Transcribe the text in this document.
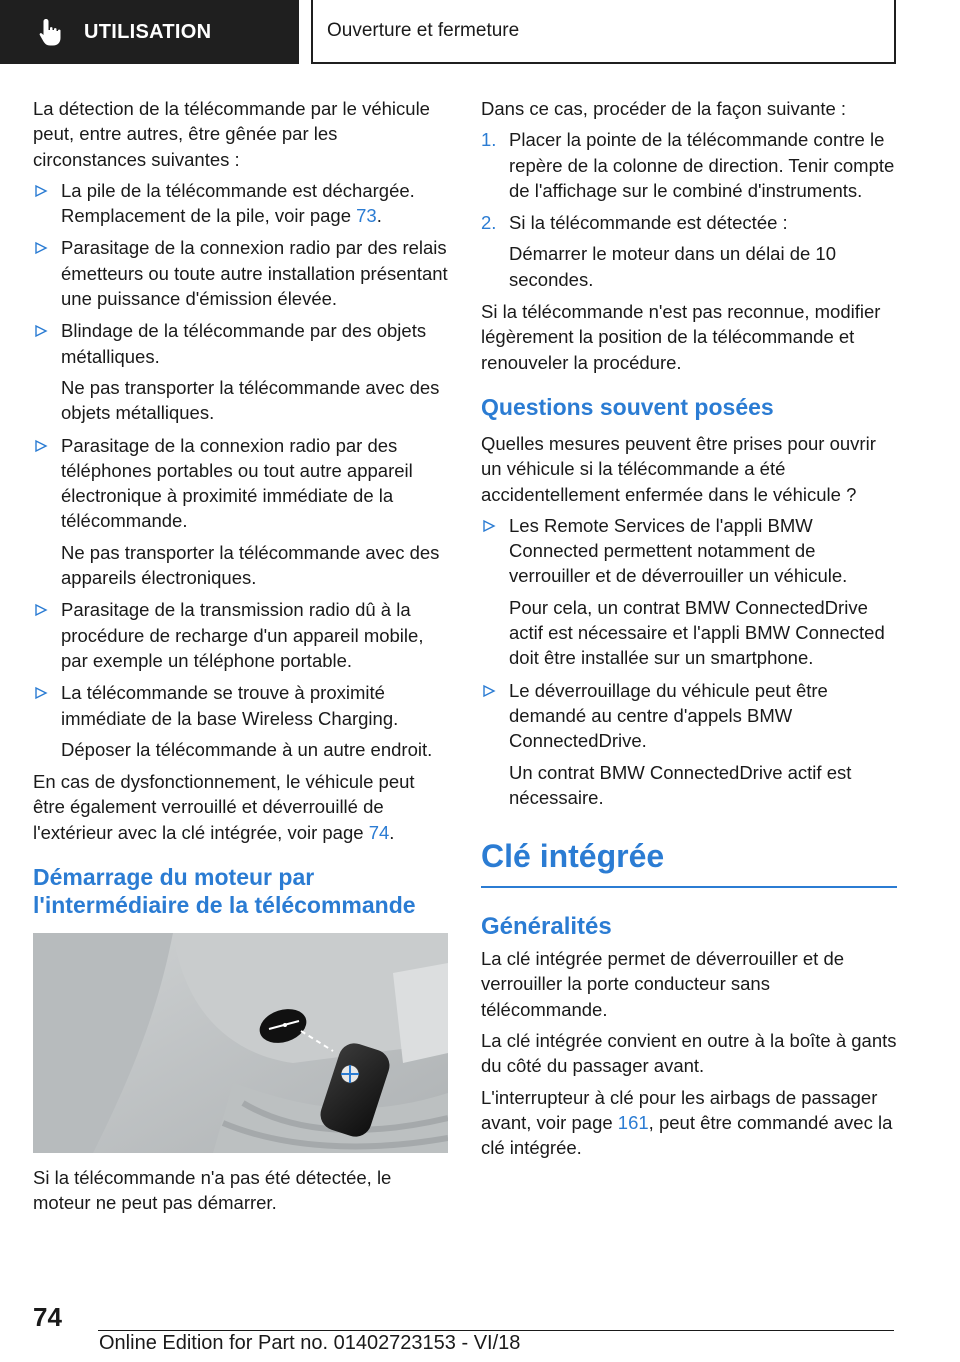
UTILISATION	Ouverture et fermeture

La détection de la télécommande par le véhicule peut, entre autres, être gênée par les circonstances suivantes :

La pile de la télécommande est déchargée. Remplacement de la pile, voir page 73.

Parasitage de la connexion radio par des relais émetteurs ou toute autre installation présentant une puissance d'émission élevée.

Blindage de la télécommande par des objets métalliques.

Ne pas transporter la télécommande avec des objets métalliques.

Parasitage de la connexion radio par des téléphones portables ou tout autre appareil électronique à proximité immédiate de la télécommande.

Ne pas transporter la télécommande avec des appareils électroniques.

Parasitage de la transmission radio dû à la procédure de recharge d'un appareil mobile, par exemple un téléphone portable.

La télécommande se trouve à proximité immédiate de la base Wireless Charging.

Déposer la télécommande à un autre endroit.

En cas de dysfonctionnement, le véhicule peut être également verrouillé et déverrouillé de l'extérieur avec la clé intégrée, voir page 74.

Démarrage du moteur par l'intermédiaire de la télécommande

Si la télécommande n'a pas été détectée, le moteur ne peut pas démarrer.

Dans ce cas, procéder de la façon suivante :

1. Placer la pointe de la télécommande contre le repère de la colonne de direction. Tenir compte de l'affichage sur le combiné d'instruments.

2. Si la télécommande est détectée :

Démarrer le moteur dans un délai de 10 secondes.

Si la télécommande n'est pas reconnue, modifier légèrement la position de la télécommande et renouveler la procédure.

Questions souvent posées

Quelles mesures peuvent être prises pour ouvrir un véhicule si la télécommande a été accidentellement enfermée dans le véhicule ?

Les Remote Services de l'appli BMW Connected permettent notamment de verrouiller et de déverrouiller un véhicule.

Pour cela, un contrat BMW ConnectedDrive actif est nécessaire et l'appli BMW Connected doit être installée sur un smartphone.

Le déverrouillage du véhicule peut être demandé au centre d'appels BMW ConnectedDrive.

Un contrat BMW ConnectedDrive actif est nécessaire.

Clé intégrée
Généralités

La clé intégrée permet de déverrouiller et de verrouiller la porte conducteur sans télécommande.

La clé intégrée convient en outre à la boîte à gants du côté du passager avant.

L'interrupteur à clé pour les airbags de passager avant, voir page 161, peut être commandé avec la clé intégrée.

74
Online Edition for Part no. 01402723153 - VI/18
